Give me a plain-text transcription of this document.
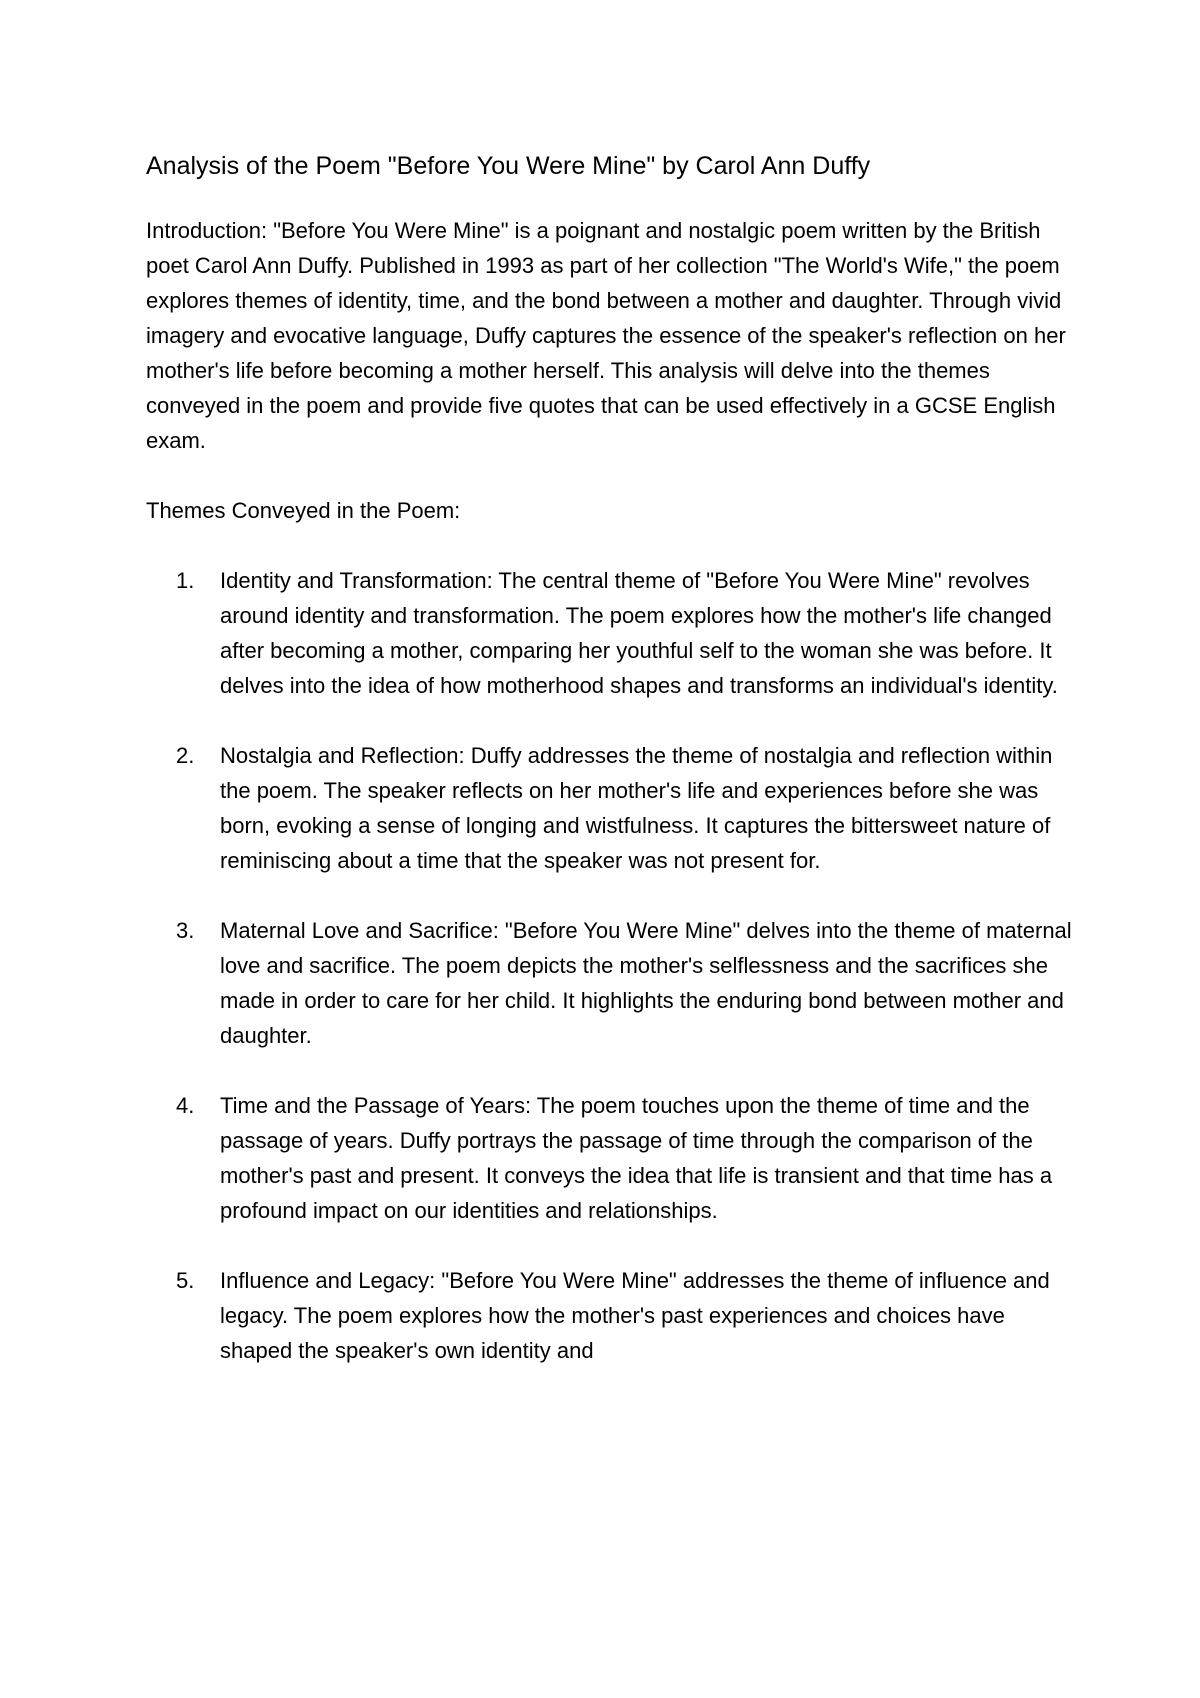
Analysis of the Poem "Before You Were Mine" by Carol Ann Duffy

Introduction: "Before You Were Mine" is a poignant and nostalgic poem written by the British poet Carol Ann Duffy. Published in 1993 as part of her collection "The World's Wife," the poem explores themes of identity, time, and the bond between a mother and daughter. Through vivid imagery and evocative language, Duffy captures the essence of the speaker's reflection on her mother's life before becoming a mother herself. This analysis will delve into the themes conveyed in the poem and provide five quotes that can be used effectively in a GCSE English exam.

Themes Conveyed in the Poem:

1. Identity and Transformation: The central theme of "Before You Were Mine" revolves around identity and transformation. The poem explores how the mother's life changed after becoming a mother, comparing her youthful self to the woman she was before. It delves into the idea of how motherhood shapes and transforms an individual's identity.
2. Nostalgia and Reflection: Duffy addresses the theme of nostalgia and reflection within the poem. The speaker reflects on her mother's life and experiences before she was born, evoking a sense of longing and wistfulness. It captures the bittersweet nature of reminiscing about a time that the speaker was not present for.
3. Maternal Love and Sacrifice: "Before You Were Mine" delves into the theme of maternal love and sacrifice. The poem depicts the mother's selflessness and the sacrifices she made in order to care for her child. It highlights the enduring bond between mother and daughter.
4. Time and the Passage of Years: The poem touches upon the theme of time and the passage of years. Duffy portrays the passage of time through the comparison of the mother's past and present. It conveys the idea that life is transient and that time has a profound impact on our identities and relationships.
5. Influence and Legacy: "Before You Were Mine" addresses the theme of influence and legacy. The poem explores how the mother's past experiences and choices have shaped the speaker's own identity and
